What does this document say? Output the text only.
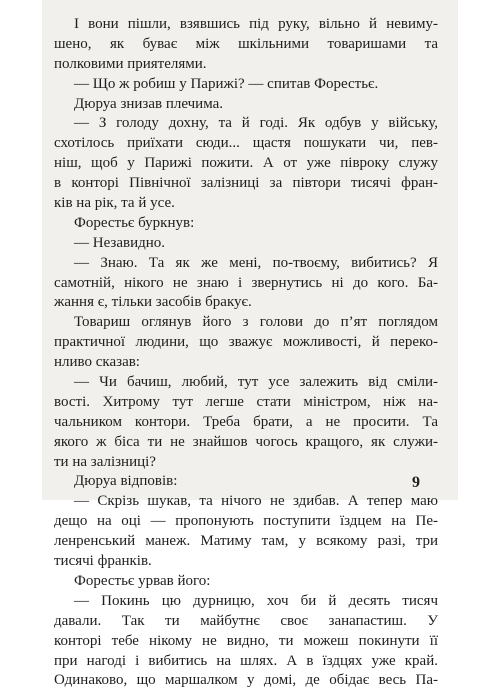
І вони пішли, взявшись під руку, вільно й невиму-
шено, як буває між шкільними товаришами та
полковими приятелями.
— Що ж робиш у Парижі? — спитав Форестьє.
Дюруа знизав плечима.
— З голоду дохну, та й годі. Як одбув у війську,
схотілось приїхати сюди... щастя пошукати чи, пев-
ніш, щоб у Парижі пожити. А от уже півроку служу
в конторі Північної залізниці за півтори тисячі фран-
ків на рік, та й усе.
Форестьє буркнув:
— Незавидно.
— Знаю. Та як же мені, по-твоєму, вибитись? Я
самотній, нікого не знаю і звернутись ні до кого. Ба-
жання є, тільки засобів бракує.
Товариш оглянув його з голови до п’ят поглядом
практичної людини, що зважує можливості, й переко-
нливо сказав:
— Чи бачиш, любий, тут усе залежить від сміли-
вості. Хитрому тут легше стати міністром, ніж на-
чальником контори. Треба брати, а не просити. Та
якого ж біса ти не знайшов чогось кращого, як служи-
ти на залізниці?
Дюруа відповів:
— Скрізь шукав, та нічого не здибав. А тепер маю
дещо на оці — пропонують поступити їздцем на Пе-
ленренський манеж. Матиму там, у всякому разі, три
тисячі франків.
Форестьє урвав його:
— Покинь цю дурницю, хоч би й десять тисяч
давали. Так ти майбутнє своє занапастиш. У
конторі тебе нікому не видно, ти можеш покинути її
при нагоді і вибитись на шлях. А в їздцях уже край.
Одинаково, що маршалком у домі, де обідає весь Па-
9
